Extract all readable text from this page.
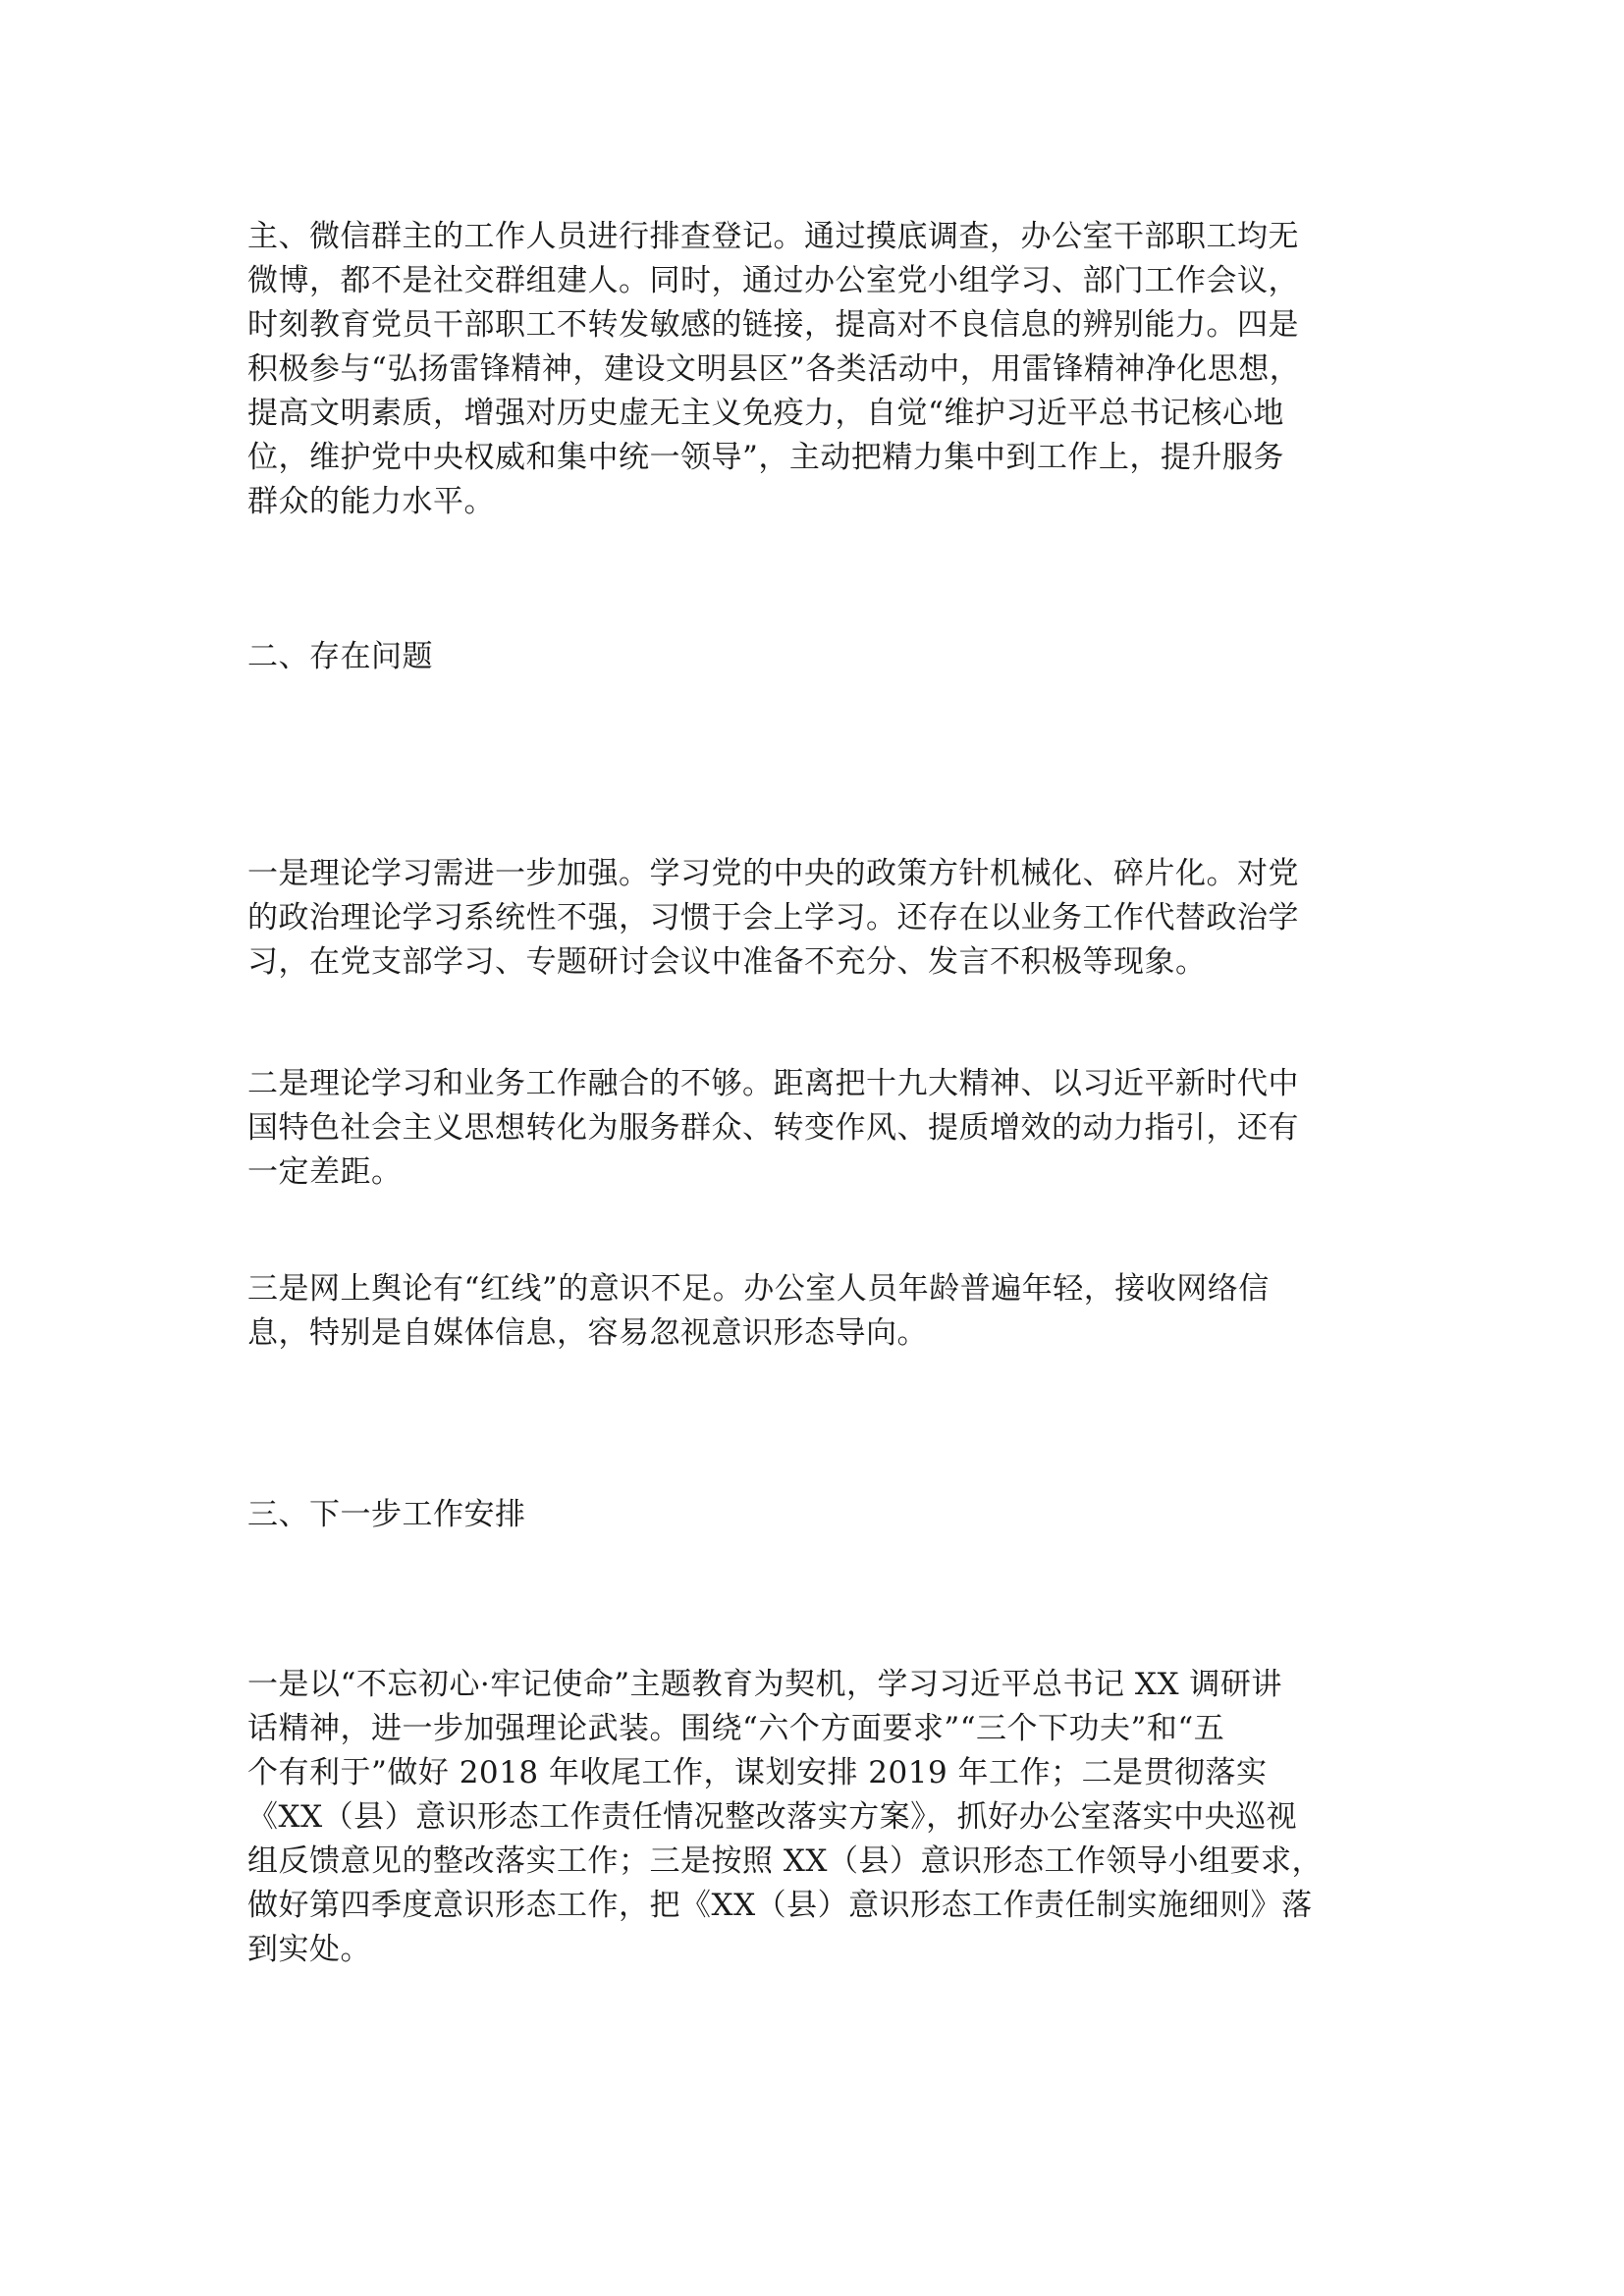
主、微信群主的工作人员进行排查登记。通过摸底调查，办公室干部职工均无
微博，都不是社交群组建人。同时，通过办公室党小组学习、部门工作会议，
时刻教育党员干部职工不转发敏感的链接，提高对不良信息的辨别能力。四是
积极参与“弘扬雷锋精神，建设文明县区”各类活动中，用雷锋精神净化思想，
提高文明素质，增强对历史虚无主义免疫力，自觉“维护习近平总书记核心地
位，维护党中央权威和集中统一领导”，主动把精力集中到工作上，提升服务
群众的能力水平。
二、存在问题
一是理论学习需进一步加强。学习党的中央的政策方针机械化、碎片化。对党
的政治理论学习系统性不强，习惯于会上学习。还存在以业务工作代替政治学
习，在党支部学习、专题研讨会议中准备不充分、发言不积极等现象。
二是理论学习和业务工作融合的不够。距离把十九大精神、以习近平新时代中
国特色社会主义思想转化为服务群众、转变作风、提质增效的动力指引，还有
一定差距。
三是网上舆论有“红线”的意识不足。办公室人员年龄普遍年轻，接收网络信
息，特别是自媒体信息，容易忽视意识形态导向。
三、下一步工作安排
一是以“不忘初心·牢记使命”主题教育为契机，学习习近平总书记 XX 调研讲
话精神，进一步加强理论武装。围绕“六个方面要求”“三个下功夫”和“五
个有利于”做好 2018 年收尾工作，谋划安排 2019 年工作；二是贯彻落实
《XX（县）意识形态工作责任情况整改落实方案》，抓好办公室落实中央巡视
组反馈意见的整改落实工作；三是按照 XX（县）意识形态工作领导小组要求，
做好第四季度意识形态工作，把《XX（县）意识形态工作责任制实施细则》落
到实处。
